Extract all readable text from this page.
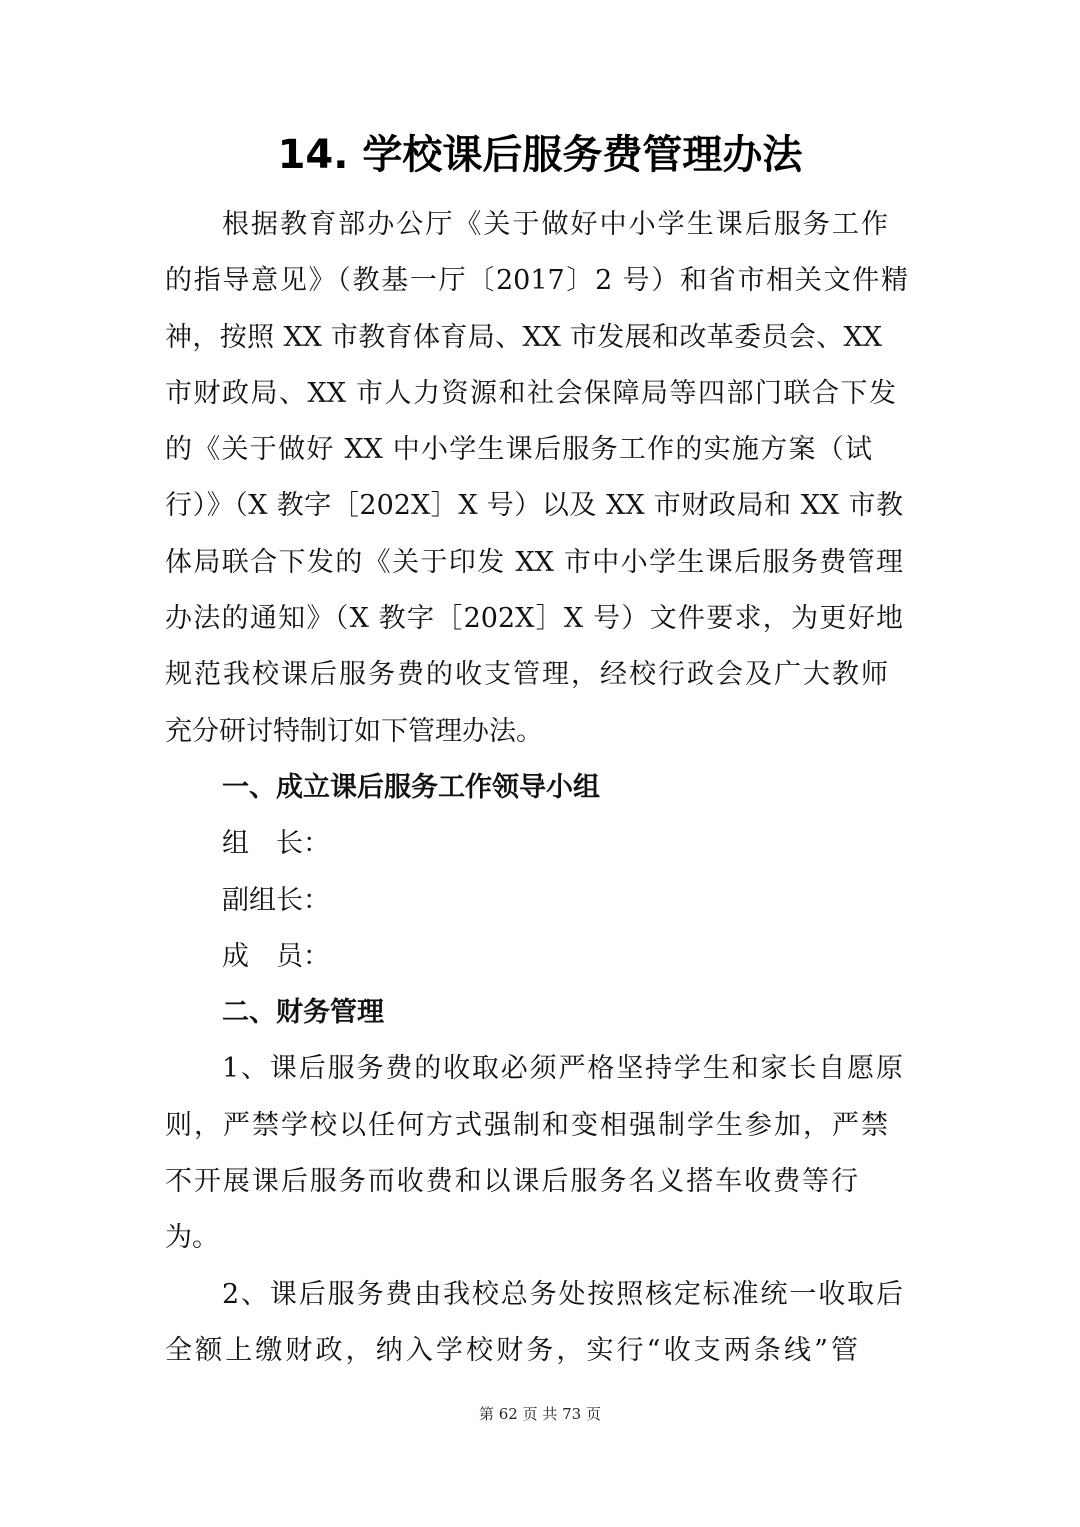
14. 学校课后服务费管理办法
根据教育部办公厅《关于做好中小学生课后服务工作
的指导意见》（教基一厅〔2017〕2 号）和省市相关文件精
神，按照 XX 市教育体育局、XX 市发展和改革委员会、XX
市财政局、XX 市人力资源和社会保障局等四部门联合下发
的《关于做好 XX 中小学生课后服务工作的实施方案（试
行）》（X 教字［202X］X 号）以及 XX 市财政局和 XX 市教
体局联合下发的《关于印发 XX 市中小学生课后服务费管理
办法的通知》（X 教字［202X］X 号）文件要求，为更好地
规范我校课后服务费的收支管理，经校行政会及广大教师
充分研讨特制订如下管理办法。
一、成立课后服务工作领导小组
组　长：
副组长：
成　员：
二、财务管理
1、课后服务费的收取必须严格坚持学生和家长自愿原
则，严禁学校以任何方式强制和变相强制学生参加，严禁
不开展课后服务而收费和以课后服务名义搭车收费等行
为。
2、课后服务费由我校总务处按照核定标准统一收取后
全额上缴财政，纳入学校财务，实行“收支两条线”管
第 62 页 共 73 页
